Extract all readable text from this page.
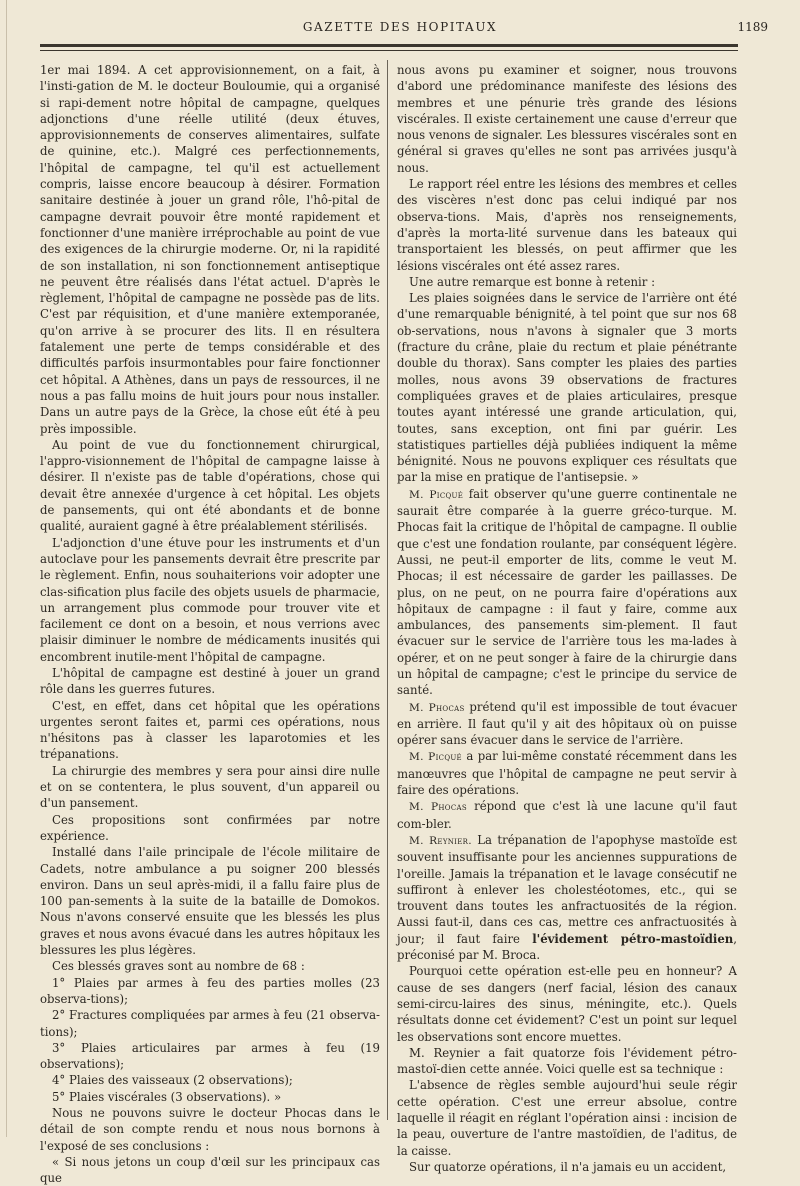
GAZETTE DES HOPITAUX	1189

1er mai 1894. A cet approvisionnement, on a fait, à l'insti-gation de M. le docteur Bouloumie, qui a organisé si rapi-dement notre hôpital de campagne, quelques adjonctions d'une réelle utilité (deux étuves, approvisionnements de conserves alimentaires, sulfate de quinine, etc.). Malgré ces perfectionnements, l'hôpital de campagne, tel qu'il est actuellement compris, laisse encore beaucoup à désirer. Formation sanitaire destinée à jouer un grand rôle, l'hô-pital de campagne devrait pouvoir être monté rapidement et fonctionner d'une manière irréprochable au point de vue des exigences de la chirurgie moderne. Or, ni la rapidité de son installation, ni son fonctionnement antiseptique ne peuvent être réalisés dans l'état actuel. D'après le règlement, l'hôpital de campagne ne possède pas de lits. C'est par réquisition, et d'une manière extemporanée, qu'on arrive à se procurer des lits. Il en résultera fatalement une perte de temps considérable et des difficultés parfois insurmontables pour faire fonctionner cet hôpital. A Athènes, dans un pays de ressources, il ne nous a pas fallu moins de huit jours pour nous installer. Dans un autre pays de la Grèce, la chose eût été à peu près impossible.

Au point de vue du fonctionnement chirurgical, l'appro-visionnement de l'hôpital de campagne laisse à désirer. Il n'existe pas de table d'opérations, chose qui devait être annexée d'urgence à cet hôpital. Les objets de pansements, qui ont été abondants et de bonne qualité, auraient gagné à être préalablement stérilisés.

L'adjonction d'une étuve pour les instruments et d'un autoclave pour les pansements devrait être prescrite par le règlement. Enfin, nous souhaiterions voir adopter une clas-sification plus facile des objets usuels de pharmacie, un arrangement plus commode pour trouver vite et facilement ce dont on a besoin, et nous verrions avec plaisir diminuer le nombre de médicaments inusités qui encombrent inutile-ment l'hôpital de campagne.

L'hôpital de campagne est destiné à jouer un grand rôle dans les guerres futures.

C'est, en effet, dans cet hôpital que les opérations urgentes seront faites et, parmi ces opérations, nous n'hésitons pas à classer les laparotomies et les trépanations.

La chirurgie des membres y sera pour ainsi dire nulle et on se contentera, le plus souvent, d'un appareil ou d'un pansement.

Ces propositions sont confirmées par notre expérience.

Installé dans l'aile principale de l'école militaire de Cadets, notre ambulance a pu soigner 200 blessés environ. Dans un seul après-midi, il a fallu faire plus de 100 pan-sements à la suite de la bataille de Domokos. Nous n'avons conservé ensuite que les blessés les plus graves et nous avons évacué dans les autres hôpitaux les blessures les plus légères.

Ces blessés graves sont au nombre de 68 :

1° Plaies par armes à feu des parties molles (23 observa-tions);

2° Fractures compliquées par armes à feu (21 observa-tions);

3° Plaies articulaires par armes à feu (19 observations);

4° Plaies des vaisseaux (2 observations);

5° Plaies viscérales (3 observations). »

Nous ne pouvons suivre le docteur Phocas dans le détail de son compte rendu et nous nous bornons à l'exposé de ses conclusions :

« Si nous jetons un coup d'œil sur les principaux cas que

nous avons pu examiner et soigner, nous trouvons d'abord une prédominance manifeste des lésions des membres et une pénurie très grande des lésions viscérales. Il existe certainement une cause d'erreur que nous venons de signaler. Les blessures viscérales sont en général si graves qu'elles ne sont pas arrivées jusqu'à nous.

Le rapport réel entre les lésions des membres et celles des viscères n'est donc pas celui indiqué par nos observa-tions. Mais, d'après nos renseignements, d'après la morta-lité survenue dans les bateaux qui transportaient les blessés, on peut affirmer que les lésions viscérales ont été assez rares.

Une autre remarque est bonne à retenir :

Les plaies soignées dans le service de l'arrière ont été d'une remarquable bénignité, à tel point que sur nos 68 ob-servations, nous n'avons à signaler que 3 morts (fracture du crâne, plaie du rectum et plaie pénétrante double du thorax). Sans compter les plaies des parties molles, nous avons 39 observations de fractures compliquées graves et de plaies articulaires, presque toutes ayant intéressé une grande articulation, qui, toutes, sans exception, ont fini par guérir. Les statistiques partielles déjà publiées indiquent la même bénignité. Nous ne pouvons expliquer ces résultats que par la mise en pratique de l'antisepsie. »

M. Picqué fait observer qu'une guerre continentale ne saurait être comparée à la guerre gréco-turque. M. Phocas fait la critique de l'hôpital de campagne. Il oublie que c'est une fondation roulante, par conséquent légère. Aussi, ne peut-il emporter de lits, comme le veut M. Phocas; il est nécessaire de garder les paillasses. De plus, on ne peut, on ne pourra faire d'opérations aux hôpitaux de campagne : il faut y faire, comme aux ambulances, des pansements sim-plement. Il faut évacuer sur le service de l'arrière tous les ma-lades à opérer, et on ne peut songer à faire de la chirurgie dans un hôpital de campagne; c'est le principe du service de santé.

M. Phocas prétend qu'il est impossible de tout évacuer en arrière. Il faut qu'il y ait des hôpitaux où on puisse opérer sans évacuer dans le service de l'arrière.

M. Picqué a par lui-même constaté récemment dans les manœuvres que l'hôpital de campagne ne peut servir à faire des opérations.

M. Phocas répond que c'est là une lacune qu'il faut com-bler.

M. Reynier. La trépanation de l'apophyse mastoïde est souvent insuffisante pour les anciennes suppurations de l'oreille. Jamais la trépanation et le lavage consécutif ne suffiront à enlever les cholestéotomes, etc., qui se trouvent dans toutes les anfractuosités de la région. Aussi faut-il, dans ces cas, mettre ces anfractuosités à jour; il faut faire l'évidement pétro-mastoïdien, préconisé par M. Broca.

Pourquoi cette opération est-elle peu en honneur? A cause de ses dangers (nerf facial, lésion des canaux semi-circu-laires des sinus, méningite, etc.). Quels résultats donne cet évidement? C'est un point sur lequel les observations sont encore muettes.

M. Reynier a fait quatorze fois l'évidement pétro-mastoï-dien cette année. Voici quelle est sa technique :

L'absence de règles semble aujourd'hui seule régir cette opération. C'est une erreur absolue, contre laquelle il réagit en réglant l'opération ainsi : incision de la peau, ouverture de l'antre mastoïdien, de l'aditus, de la caisse.

Sur quatorze opérations, il n'a jamais eu un accident,
